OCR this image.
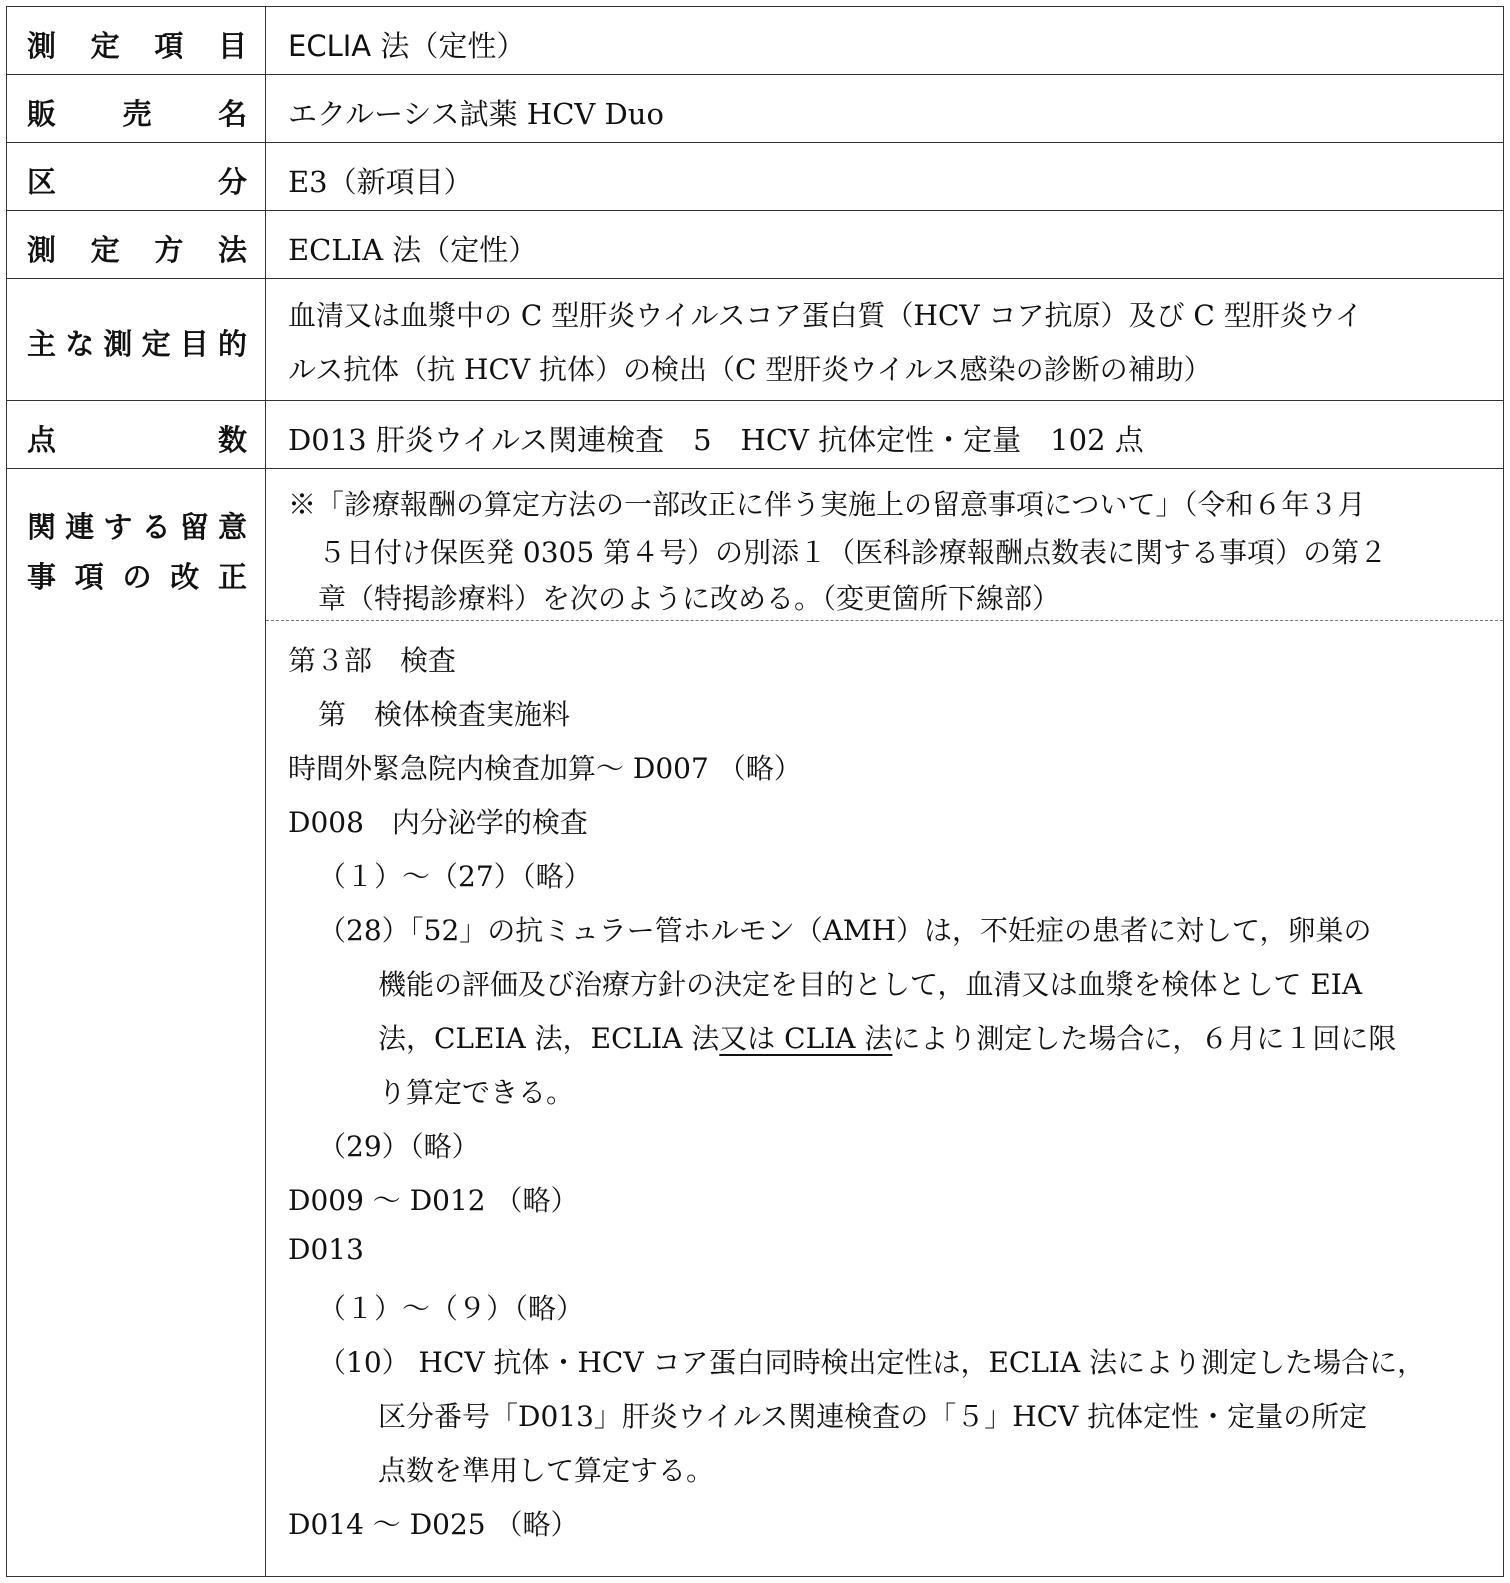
測 定 項 目 ECLIA 法（定性）
販 売 名 エクルーシス試薬 HCV Duo
区	分 E3（新項目）
測 定 方 法 ECLIA 法（定性）
主 な 測 定 目 的
血清又は血漿中の C 型肝炎ウイルスコア蛋白質（HCV コア抗原）及び C 型肝炎ウイ
ルス抗体（抗 HCV 抗体）の検出（C 型肝炎ウイルス感染の診断の補助）
点	数 D013 肝炎ウイルス関連検査　5　HCV 抗体定性・定量　102 点
関 連 す る 留 意
事 項 の 改 正
※「診療報酬の算定方法の一部改正に伴う実施上の留意事項について」（令和６年３月
５日付け保医発 0305 第４号）の別添１（医科診療報酬点数表に関する事項）の第２
章（特掲診療料）を次のように改める。（変更箇所下線部）
第３部　検査
第　検体検査実施料
時間外緊急院内検査加算～ D007 （略）
D008　内分泌学的検査
（１）～（27）（略）
（28）「52」の抗ミュラー管ホルモン（AMH）は，不妊症の患者に対して，卵巣の
機能の評価及び治療方針の決定を目的として，血清又は血漿を検体として EIA
法，CLEIA 法，ECLIA 法又は CLIA 法により測定した場合に，６月に１回に限
り算定できる。
（29）（略）
D009 ～ D012 （略）
D013
（１）～（９）（略）
（10） HCV 抗体・HCV コア蛋白同時検出定性は，ECLIA 法により測定した場合に，
区分番号「D013」肝炎ウイルス関連検査の「５」HCV 抗体定性・定量の所定
点数を準用して算定する。
D014 ～ D025 （略）
